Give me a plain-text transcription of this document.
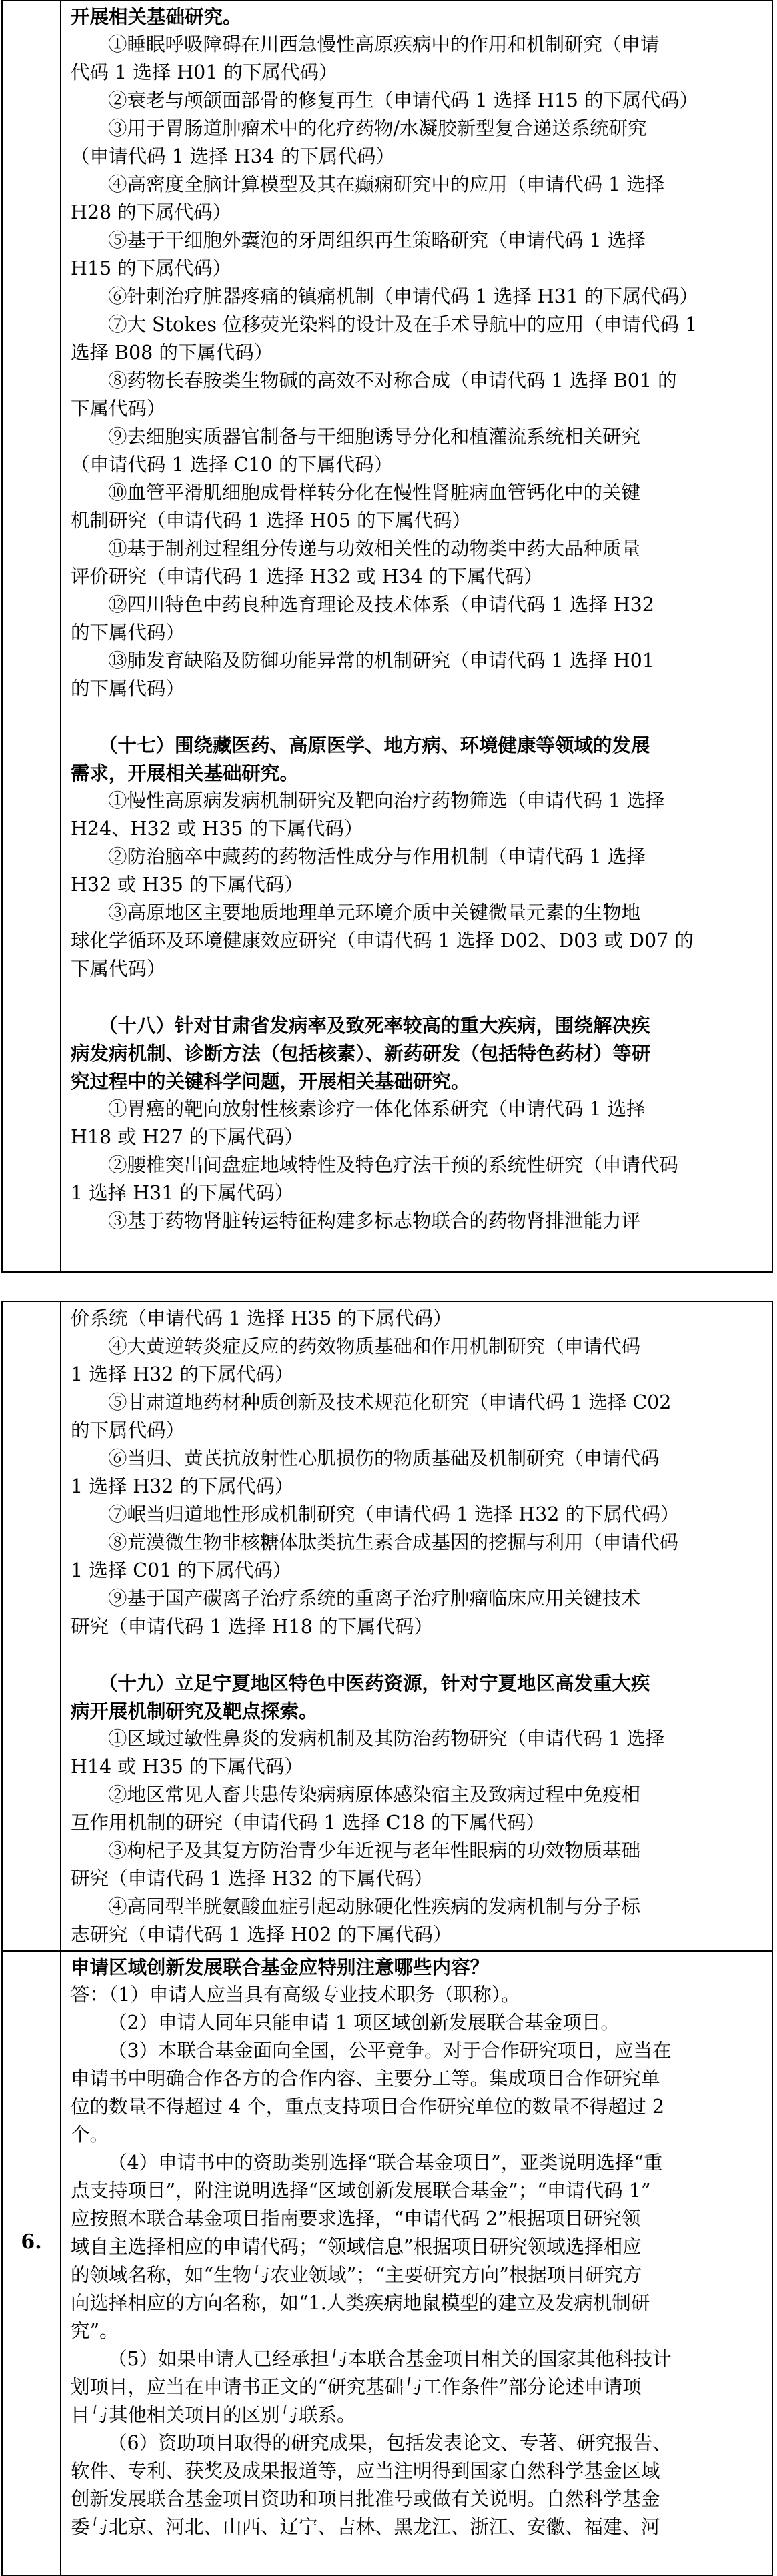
开展相关基础研究。
①睡眠呼吸障碍在川西急慢性高原疾病中的作用和机制研究（申请
代码 1 选择 H01 的下属代码）
②衰老与颅颌面部骨的修复再生（申请代码 1 选择 H15 的下属代码）
③用于胃肠道肿瘤术中的化疗药物/水凝胶新型复合递送系统研究
（申请代码 1 选择 H34 的下属代码）
④高密度全脑计算模型及其在癫痫研究中的应用（申请代码 1 选择
H28 的下属代码）
⑤基于干细胞外囊泡的牙周组织再生策略研究（申请代码 1 选择
H15 的下属代码）
⑥针刺治疗脏器疼痛的镇痛机制（申请代码 1 选择 H31 的下属代码）
⑦大 Stokes 位移荧光染料的设计及在手术导航中的应用（申请代码 1
选择 B08 的下属代码）
⑧药物长春胺类生物碱的高效不对称合成（申请代码 1 选择 B01 的
下属代码）
⑨去细胞实质器官制备与干细胞诱导分化和植灌流系统相关研究
（申请代码 1 选择 C10 的下属代码）
⑩血管平滑肌细胞成骨样转分化在慢性肾脏病血管钙化中的关键
机制研究（申请代码 1 选择 H05 的下属代码）
⑪基于制剂过程组分传递与功效相关性的动物类中药大品种质量
评价研究（申请代码 1 选择 H32 或 H34 的下属代码）
⑫四川特色中药良种选育理论及技术体系（申请代码 1 选择 H32
的下属代码）
⑬肺发育缺陷及防御功能异常的机制研究（申请代码 1 选择 H01
的下属代码）
（十七）围绕藏医药、高原医学、地方病、环境健康等领域的发展
需求，开展相关基础研究。
①慢性高原病发病机制研究及靶向治疗药物筛选（申请代码 1 选择
H24、H32 或 H35 的下属代码）
②防治脑卒中藏药的药物活性成分与作用机制（申请代码 1 选择
H32 或 H35 的下属代码）
③高原地区主要地质地理单元环境介质中关键微量元素的生物地
球化学循环及环境健康效应研究（申请代码 1 选择 D02、D03 或 D07 的
下属代码）
（十八）针对甘肃省发病率及致死率较高的重大疾病，围绕解决疾
病发病机制、诊断方法（包括核素）、新药研发（包括特色药材）等研
究过程中的关键科学问题，开展相关基础研究。
①胃癌的靶向放射性核素诊疗一体化体系研究（申请代码 1 选择
H18 或 H27 的下属代码）
②腰椎突出间盘症地域特性及特色疗法干预的系统性研究（申请代码
1 选择 H31 的下属代码）
③基于药物肾脏转运特征构建多标志物联合的药物肾排泄能力评
价系统（申请代码 1 选择 H35 的下属代码）
④大黄逆转炎症反应的药效物质基础和作用机制研究（申请代码
1 选择 H32 的下属代码）
⑤甘肃道地药材种质创新及技术规范化研究（申请代码 1 选择 C02
的下属代码）
⑥当归、黄芪抗放射性心肌损伤的物质基础及机制研究（申请代码
1 选择 H32 的下属代码）
⑦岷当归道地性形成机制研究（申请代码 1 选择 H32 的下属代码）
⑧荒漠微生物非核糖体肽类抗生素合成基因的挖掘与利用（申请代码
1 选择 C01 的下属代码）
⑨基于国产碳离子治疗系统的重离子治疗肿瘤临床应用关键技术
研究（申请代码 1 选择 H18 的下属代码）
（十九）立足宁夏地区特色中医药资源，针对宁夏地区高发重大疾
病开展机制研究及靶点探索。
①区域过敏性鼻炎的发病机制及其防治药物研究（申请代码 1 选择
H14 或 H35 的下属代码）
②地区常见人畜共患传染病病原体感染宿主及致病过程中免疫相
互作用机制的研究（申请代码 1 选择 C18 的下属代码）
③枸杞子及其复方防治青少年近视与老年性眼病的功效物质基础
研究（申请代码 1 选择 H32 的下属代码）
④高同型半胱氨酸血症引起动脉硬化性疾病的发病机制与分子标
志研究（申请代码 1 选择 H02 的下属代码）
申请区域创新发展联合基金应特别注意哪些内容？
答：（1）申请人应当具有高级专业技术职务（职称）。
（2）申请人同年只能申请 1 项区域创新发展联合基金项目。
（3）本联合基金面向全国，公平竞争。对于合作研究项目，应当在
申请书中明确合作各方的合作内容、主要分工等。集成项目合作研究单
位的数量不得超过 4 个，重点支持项目合作研究单位的数量不得超过 2
个。
（4）申请书中的资助类别选择“联合基金项目”，亚类说明选择“重
点支持项目”，附注说明选择“区域创新发展联合基金”；“申请代码 1”
应按照本联合基金项目指南要求选择，“申请代码 2”根据项目研究领
域自主选择相应的申请代码；“领域信息”根据项目研究领域选择相应
的领域名称，如“生物与农业领域”；“主要研究方向”根据项目研究方
向选择相应的方向名称，如“1.人类疾病地鼠模型的建立及发病机制研
究”。
（5）如果申请人已经承担与本联合基金项目相关的国家其他科技计
划项目，应当在申请书正文的“研究基础与工作条件”部分论述申请项
目与其他相关项目的区别与联系。
（6）资助项目取得的研究成果，包括发表论文、专著、研究报告、
软件、专利、获奖及成果报道等，应当注明得到国家自然科学基金区域
创新发展联合基金项目资助和项目批准号或做有关说明。自然科学基金
委与北京、河北、山西、辽宁、吉林、黑龙江、浙江、安徽、福建、河
6.
